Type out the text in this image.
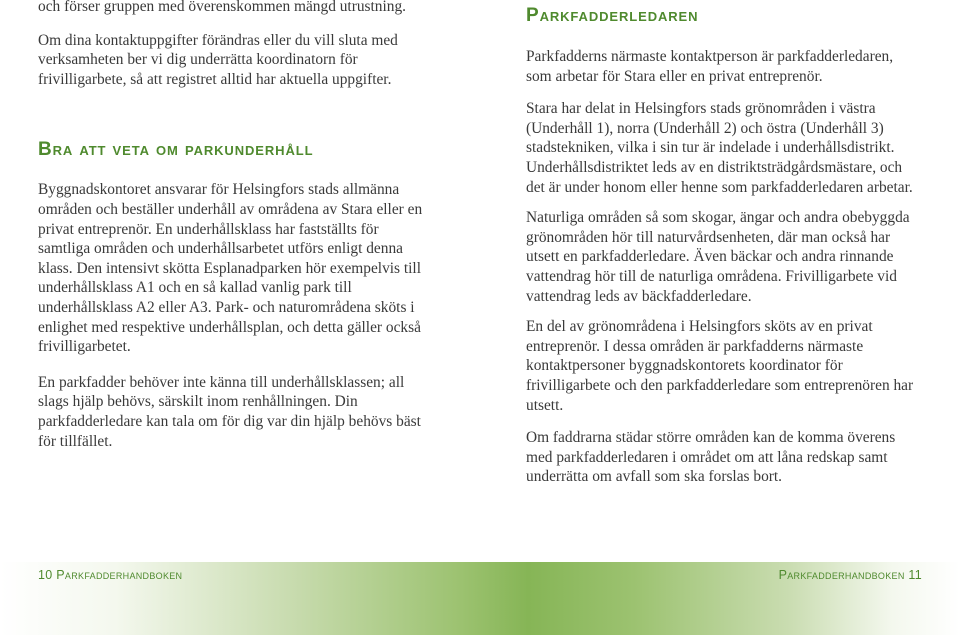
och förser gruppen med överenskommen mängd utrustning.

Om dina kontaktuppgifter förändras eller du vill sluta med verksamheten ber vi dig underrätta koordinatorn för frivilligarbete, så att registret alltid har aktuella uppgifter.

Bra att veta om parkunderhåll

Byggnadskontoret ansvarar för Helsingfors stads allmänna områden och beställer underhåll av områdena av Stara eller en privat entreprenör. En underhållsklass har fastställts för samtliga områden och underhållsarbetet utförs enligt denna klass. Den intensivt skötta Esplanadparken hör exempelvis till underhållsklass A1 och en så kallad vanlig park till underhållsklass A2 eller A3. Park- och naturområdena sköts i enlighet med respektive underhållsplan, och detta gäller också frivilligarbetet.

En parkfadder behöver inte känna till underhållsklassen; all slags hjälp behövs, särskilt inom renhållningen. Din parkfadderledare kan tala om för dig var din hjälp behövs bäst för tillfället.

Parkfadderledaren

Parkfadderns närmaste kontaktperson är parkfadderledaren, som arbetar för Stara eller en privat entreprenör.

Stara har delat in Helsingfors stads grönområden i västra (Underhåll 1), norra (Underhåll 2) och östra (Underhåll 3) stadstekniken, vilka i sin tur är indelade i underhållsdistrikt. Underhållsdistriktet leds av en distriktsträdgårdsmästare, och det är under honom eller henne som parkfadderledaren arbetar.

Naturliga områden så som skogar, ängar och andra obebyggda grönområden hör till naturvårdsenheten, där man också har utsett en parkfadderledare. Även bäckar och andra rinnande vattendrag hör till de naturliga områdena. Frivilligarbete vid vattendrag leds av bäckfadderledare.

En del av grönområdena i Helsingfors sköts av en privat entreprenör. I dessa områden är parkfadderns närmaste kontaktpersoner byggnadskontorets koordinator för frivilligarbete och den parkfadderledare som entreprenören har utsett.

Om faddrarna städar större områden kan de komma överens med parkfadderledaren i området om att låna redskap samt underrätta om avfall som ska forslas bort.

10 Parkfadderhandboken	Parkfadderhandboken 11
